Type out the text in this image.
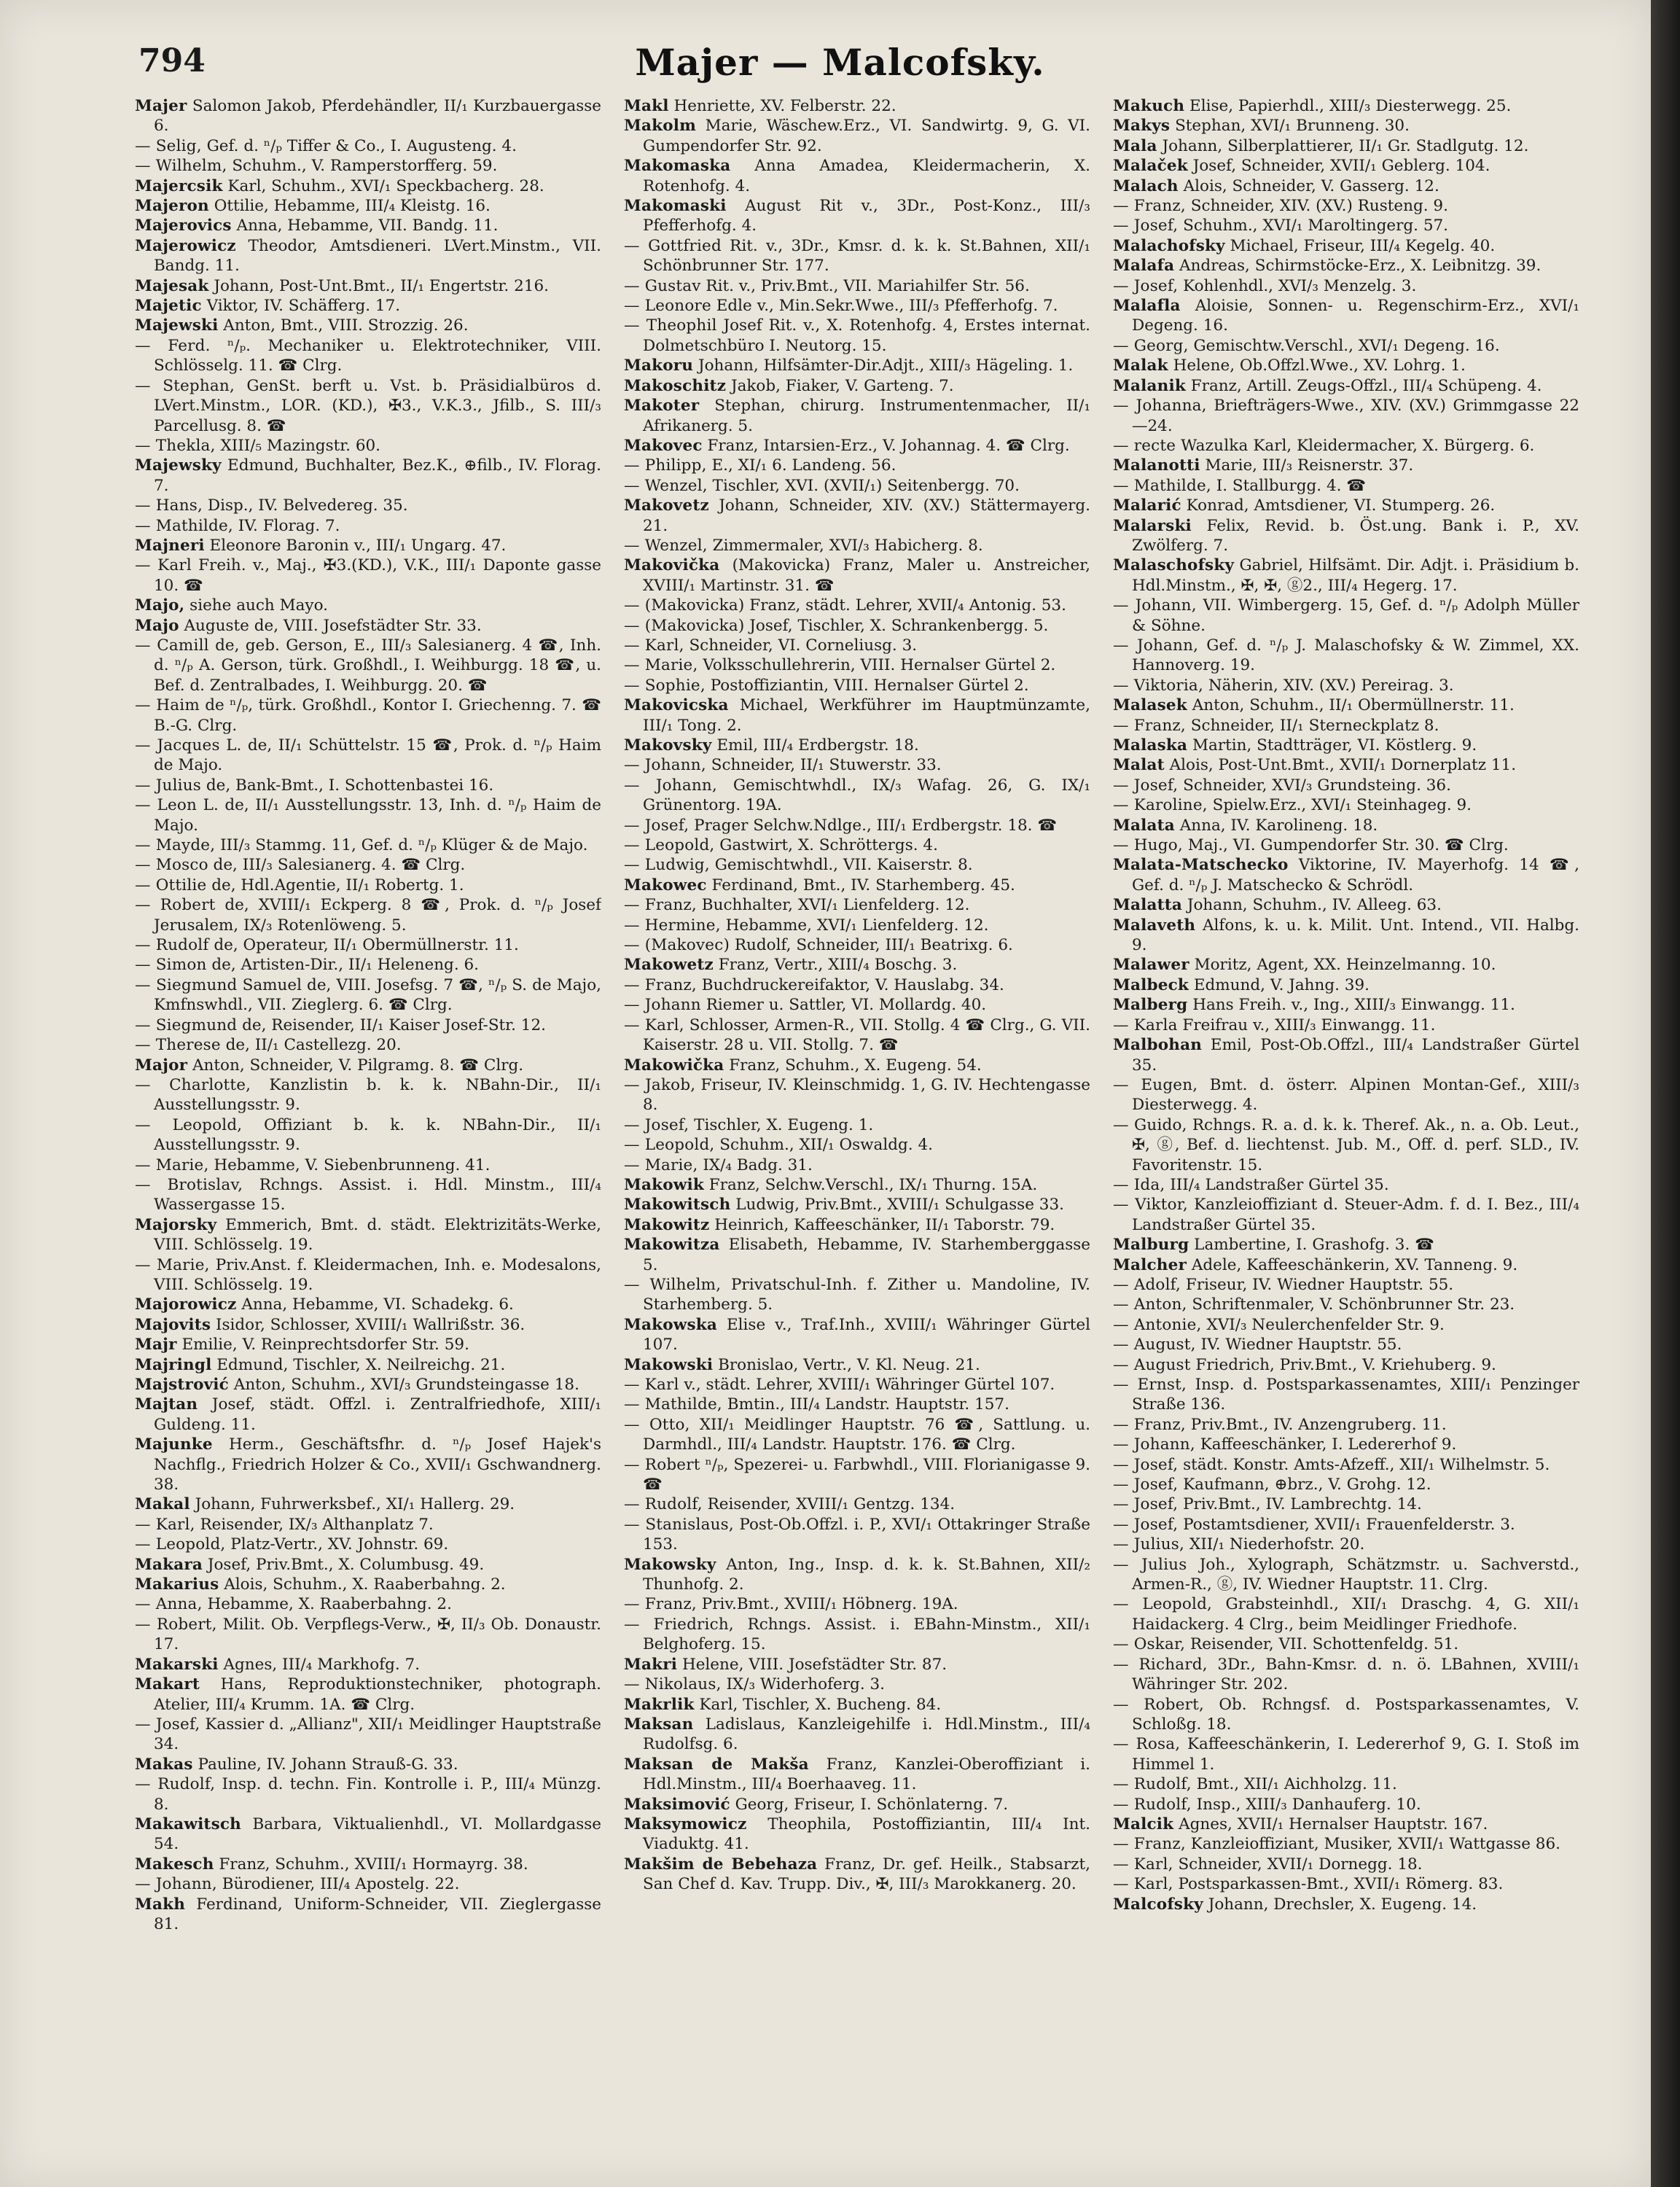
794	Majer — Malcofsky.
Majer Salomon Jakob, Pferdehändler, II/₁ Kurzbauergasse 6.
— Selig, Gef. d. ⁿ/ₚ Tiffer & Co., I. Augusteng. 4.
— Wilhelm, Schuhm., V. Ramperstorfferg. 59.
Majercsik Karl, Schuhm., XVI/₁ Speckbacherg. 28.
Majeron Ottilie, Hebamme, III/₄ Kleistg. 16.
Majerovics Anna, Hebamme, VII. Bandg. 11.
Majerowicz Theodor, Amtsdieneri. LVert.Minstm., VII. Bandg. 11.
Majesak Johann, Post-Unt.Bmt., II/₁ Engertstr. 216.
Majetic Viktor, IV. Schäfferg. 17.
Majewski Anton, Bmt., VIII. Strozzig. 26.
— Ferd. ⁿ/ₚ. Mechaniker u. Elektrotechniker, VIII. Schlösselg. 11. ☎ Clrg.
— Stephan, GenSt. berft u. Vst. b. Präsidialbüros d. LVert.Minstm., LOR. (KD.), ✠3., V.K.3., Jfilb., S. III/₃ Parcellusg. 8. ☎
— Thekla, XIII/₅ Mazingstr. 60.
Majewsky Edmund, Buchhalter, Bez.K., ⊕filb., IV. Florag. 7.
— Hans, Disp., IV. Belvedereg. 35.
— Mathilde, IV. Florag. 7.
Majneri Eleonore Baronin v., III/₁ Ungarg. 47.
— Karl Freih. v., Maj., ✠3.(KD.), V.K., III/₁ Daponte gasse 10. ☎
Majo, siehe auch Mayo.
Majo Auguste de, VIII. Josefstädter Str. 33.
— Camill de, geb. Gerson, E., III/₃ Salesianerg. 4 ☎, Inh. d. ⁿ/ₚ A. Gerson, türk. Großhdl., I. Weihburgg. 18 ☎, u. Bef. d. Zentralbades, I. Weihburgg. 20. ☎
— Haim de ⁿ/ₚ, türk. Großhdl., Kontor I. Griechenng. 7. ☎ B.-G. Clrg.
— Jacques L. de, II/₁ Schüttelstr. 15 ☎, Prok. d. ⁿ/ₚ Haim de Majo.
— Julius de, Bank-Bmt., I. Schottenbastei 16.
— Leon L. de, II/₁ Ausstellungsstr. 13, Inh. d. ⁿ/ₚ Haim de Majo.
— Mayde, III/₃ Stammg. 11, Gef. d. ⁿ/ₚ Klüger & de Majo.
— Mosco de, III/₃ Salesianerg. 4. ☎ Clrg.
— Ottilie de, Hdl.Agentie, II/₁ Robertg. 1.
— Robert de, XVIII/₁ Eckperg. 8 ☎, Prok. d. ⁿ/ₚ Josef Jerusalem, IX/₃ Rotenlöweng. 5.
— Rudolf de, Operateur, II/₁ Obermüllnerstr. 11.
— Simon de, Artisten-Dir., II/₁ Heleneng. 6.
— Siegmund Samuel de, VIII. Josefsg. 7 ☎, ⁿ/ₚ S. de Majo, Kmfnswhdl., VII. Zieglerg. 6. ☎ Clrg.
— Siegmund de, Reisender, II/₁ Kaiser Josef-Str. 12.
— Therese de, II/₁ Castellezg. 20.
Major Anton, Schneider, V. Pilgramg. 8. ☎ Clrg.
— Charlotte, Kanzlistin b. k. k. NBahn-Dir., II/₁ Ausstellungsstr. 9.
— Leopold, Offiziant b. k. k. NBahn-Dir., II/₁ Ausstellungsstr. 9.
— Marie, Hebamme, V. Siebenbrunneng. 41.
— Brotislav, Rchngs. Assist. i. Hdl. Minstm., III/₄ Wassergasse 15.
Majorsky Emmerich, Bmt. d. städt. Elektrizitäts-Werke, VIII. Schlösselg. 19.
— Marie, Priv.Anst. f. Kleidermachen, Inh. e. Modesalons, VIII. Schlösselg. 19.
Majorowicz Anna, Hebamme, VI. Schadekg. 6.
Majovits Isidor, Schlosser, XVIII/₁ Wallrißstr. 36.
Majr Emilie, V. Reinprechtsdorfer Str. 59.
Majringl Edmund, Tischler, X. Neilreichg. 21.
Majstrović Anton, Schuhm., XVI/₃ Grundsteingasse 18.
Majtan Josef, städt. Offzl. i. Zentralfriedhofe, XIII/₁ Guldeng. 11.
Majunke Herm., Geschäftsfhr. d. ⁿ/ₚ Josef Hajek's Nachflg., Friedrich Holzer & Co., XVII/₁ Gschwandnerg. 38.
Makal Johann, Fuhrwerksbef., XI/₁ Hallerg. 29.
— Karl, Reisender, IX/₃ Althanplatz 7.
— Leopold, Platz-Vertr., XV. Johnstr. 69.
Makara Josef, Priv.Bmt., X. Columbusg. 49.
Makarius Alois, Schuhm., X. Raaberbahng. 2.
— Anna, Hebamme, X. Raaberbahng. 2.
— Robert, Milit. Ob. Verpflegs-Verw., ✠, II/₃ Ob. Donaustr. 17.
Makarski Agnes, III/₄ Markhofg. 7.
Makart Hans, Reproduktionstechniker, photograph. Atelier, III/₄ Krumm. 1A. ☎ Clrg.
— Josef, Kassier d. „Allianz", XII/₁ Meidlinger Hauptstraße 34.
Makas Pauline, IV. Johann Strauß-G. 33.
— Rudolf, Insp. d. techn. Fin. Kontrolle i. P., III/₄ Münzg. 8.
Makawitsch Barbara, Viktualienhdl., VI. Mollardgasse 54.
Makesch Franz, Schuhm., XVIII/₁ Hormayrg. 38.
— Johann, Bürodiener, III/₄ Apostelg. 22.
Makh Ferdinand, Uniform-Schneider, VII. Zieglergasse 81.
Makl Henriette, XV. Felberstr. 22.
Makolm Marie, Wäschew.Erz., VI. Sandwirtg. 9, G. VI. Gumpendorfer Str. 92.
Makomaska Anna Amadea, Kleidermacherin, X. Rotenhofg. 4.
Makomaski August Rit v., 3Dr., Post-Konz., III/₃ Pfefferhofg. 4.
— Gottfried Rit. v., 3Dr., Kmsr. d. k. k. St.Bahnen, XII/₁ Schönbrunner Str. 177.
— Gustav Rit. v., Priv.Bmt., VII. Mariahilfer Str. 56.
— Leonore Edle v., Min.Sekr.Wwe., III/₃ Pfefferhofg. 7.
— Theophil Josef Rit. v., X. Rotenhofg. 4, Erstes internat. Dolmetschbüro I. Neutorg. 15.
Makoru Johann, Hilfsämter-Dir.Adjt., XIII/₃ Hägeling. 1.
Makoschitz Jakob, Fiaker, V. Garteng. 7.
Makoter Stephan, chirurg. Instrumentenmacher, II/₁ Afrikanerg. 5.
Makovec Franz, Intarsien-Erz., V. Johannag. 4. ☎ Clrg.
— Philipp, E., XI/₁ 6. Landeng. 56.
— Wenzel, Tischler, XVI. (XVII/₁) Seitenbergg. 70.
Makovetz Johann, Schneider, XIV. (XV.) Stättermayerg. 21.
— Wenzel, Zimmermaler, XVI/₃ Habicherg. 8.
Makovička (Makovicka) Franz, Maler u. Anstreicher, XVIII/₁ Martinstr. 31. ☎
— (Makovicka) Franz, städt. Lehrer, XVII/₄ Antonig. 53.
— (Makovicka) Josef, Tischler, X. Schrankenbergg. 5.
— Karl, Schneider, VI. Corneliusg. 3.
— Marie, Volksschullehrerin, VIII. Hernalser Gürtel 2.
— Sophie, Postoffiziantin, VIII. Hernalser Gürtel 2.
Makovicska Michael, Werkführer im Hauptmünzamte, III/₁ Tong. 2.
Makovsky Emil, III/₄ Erdbergstr. 18.
— Johann, Schneider, II/₁ Stuwerstr. 33.
— Johann, Gemischtwhdl., IX/₃ Wafag. 26, G. IX/₁ Grünentorg. 19A.
— Josef, Prager Selchw.Ndlge., III/₁ Erdbergstr. 18. ☎
— Leopold, Gastwirt, X. Schröttergs. 4.
— Ludwig, Gemischtwhdl., VII. Kaiserstr. 8.
Makowec Ferdinand, Bmt., IV. Starhemberg. 45.
— Franz, Buchhalter, XVI/₁ Lienfelderg. 12.
— Hermine, Hebamme, XVI/₁ Lienfelderg. 12.
— (Makovec) Rudolf, Schneider, III/₁ Beatrixg. 6.
Makowetz Franz, Vertr., XIII/₄ Boschg. 3.
— Franz, Buchdruckereifaktor, V. Hauslabg. 34.
— Johann Riemer u. Sattler, VI. Mollardg. 40.
— Karl, Schlosser, Armen-R., VII. Stollg. 4 ☎ Clrg., G. VII. Kaiserstr. 28 u. VII. Stollg. 7. ☎
Makowička Franz, Schuhm., X. Eugeng. 54.
— Jakob, Friseur, IV. Kleinschmidg. 1, G. IV. Hechtengasse 8.
— Josef, Tischler, X. Eugeng. 1.
— Leopold, Schuhm., XII/₁ Oswaldg. 4.
— Marie, IX/₄ Badg. 31.
Makowik Franz, Selchw.Verschl., IX/₁ Thurng. 15A.
Makowitsch Ludwig, Priv.Bmt., XVIII/₁ Schulgasse 33.
Makowitz Heinrich, Kaffeeschänker, II/₁ Taborstr. 79.
Makowitza Elisabeth, Hebamme, IV. Starhemberggasse 5.
— Wilhelm, Privatschul-Inh. f. Zither u. Mandoline, IV. Starhemberg. 5.
Makowska Elise v., Traf.Inh., XVIII/₁ Währinger Gürtel 107.
Makowski Bronislao, Vertr., V. Kl. Neug. 21.
— Karl v., städt. Lehrer, XVIII/₁ Währinger Gürtel 107.
— Mathilde, Bmtin., III/₄ Landstr. Hauptstr. 157.
— Otto, XII/₁ Meidlinger Hauptstr. 76 ☎, Sattlung. u. Darmhdl., III/₄ Landstr. Hauptstr. 176. ☎ Clrg.
— Robert ⁿ/ₚ, Spezerei- u. Farbwhdl., VIII. Florianigasse 9. ☎
— Rudolf, Reisender, XVIII/₁ Gentzg. 134.
— Stanislaus, Post-Ob.Offzl. i. P., XVI/₁ Ottakringer Straße 153.
Makowsky Anton, Ing., Insp. d. k. k. St.Bahnen, XII/₂ Thunhofg. 2.
— Franz, Priv.Bmt., XVIII/₁ Höbnerg. 19A.
— Friedrich, Rchngs. Assist. i. EBahn-Minstm., XII/₁ Belghoferg. 15.
Makri Helene, VIII. Josefstädter Str. 87.
— Nikolaus, IX/₃ Widerhoferg. 3.
Makrlik Karl, Tischler, X. Bucheng. 84.
Maksan Ladislaus, Kanzleigehilfe i. Hdl.Minstm., III/₄ Rudolfsg. 6.
Maksan de Makša Franz, Kanzlei-Oberoffiziant i. Hdl.Minstm., III/₄ Boerhaaveg. 11.
Maksimović Georg, Friseur, I. Schönlaterng. 7.
Maksymowicz Theophila, Postoffiziantin, III/₄ Int. Viaduktg. 41.
Makšim de Bebehaza Franz, Dr. gef. Heilk., Stabsarzt, San Chef d. Kav. Trupp. Div., ✠, III/₃ Marokkanerg. 20.
Makuch Elise, Papierhdl., XIII/₃ Diesterwegg. 25.
Makys Stephan, XVI/₁ Brunneng. 30.
Mala Johann, Silberplattierer, II/₁ Gr. Stadlgutg. 12.
Malaček Josef, Schneider, XVII/₁ Geblerg. 104.
Malach Alois, Schneider, V. Gasserg. 12.
— Franz, Schneider, XIV. (XV.) Rusteng. 9.
— Josef, Schuhm., XVI/₁ Maroltingerg. 57.
Malachofsky Michael, Friseur, III/₄ Kegelg. 40.
Malafa Andreas, Schirmstöcke-Erz., X. Leibnitzg. 39.
— Josef, Kohlenhdl., XVI/₃ Menzelg. 3.
Malafla Aloisie, Sonnen- u. Regenschirm-Erz., XVI/₁ Degeng. 16.
— Georg, Gemischtw.Verschl., XVI/₁ Degeng. 16.
Malak Helene, Ob.Offzl.Wwe., XV. Lohrg. 1.
Malanik Franz, Artill. Zeugs-Offzl., III/₄ Schüpeng. 4.
— Johanna, Briefträgers-Wwe., XIV. (XV.) Grimmgasse 22—24.
— recte Wazulka Karl, Kleidermacher, X. Bürgerg. 6.
Malanotti Marie, III/₃ Reisnerstr. 37.
— Mathilde, I. Stallburgg. 4. ☎
Malarić Konrad, Amtsdiener, VI. Stumperg. 26.
Malarski Felix, Revid. b. Öst.ung. Bank i. P., XV. Zwölferg. 7.
Malaschofsky Gabriel, Hilfsämt. Dir. Adjt. i. Präsidium b. Hdl.Minstm., ✠, ✠, ⓖ2., III/₄ Hegerg. 17.
— Johann, VII. Wimbergerg. 15, Gef. d. ⁿ/ₚ Adolph Müller & Söhne.
— Johann, Gef. d. ⁿ/ₚ J. Malaschofsky & W. Zimmel, XX. Hannoverg. 19.
— Viktoria, Näherin, XIV. (XV.) Pereirag. 3.
Malasek Anton, Schuhm., II/₁ Obermüllnerstr. 11.
— Franz, Schneider, II/₁ Sterneckplatz 8.
Malaska Martin, Stadtträger, VI. Köstlerg. 9.
Malat Alois, Post-Unt.Bmt., XVII/₁ Dornerplatz 11.
— Josef, Schneider, XVI/₃ Grundsteing. 36.
— Karoline, Spielw.Erz., XVI/₁ Steinhageg. 9.
Malata Anna, IV. Karolineng. 18.
— Hugo, Maj., VI. Gumpendorfer Str. 30. ☎ Clrg.
Malata-Matschecko Viktorine, IV. Mayerhofg. 14 ☎, Gef. d. ⁿ/ₚ J. Matschecko & Schrödl.
Malatta Johann, Schuhm., IV. Alleeg. 63.
Malaveth Alfons, k. u. k. Milit. Unt. Intend., VII. Halbg. 9.
Malawer Moritz, Agent, XX. Heinzelmanng. 10.
Malbeck Edmund, V. Jahng. 39.
Malberg Hans Freih. v., Ing., XIII/₃ Einwangg. 11.
— Karla Freifrau v., XIII/₃ Einwangg. 11.
Malbohan Emil, Post-Ob.Offzl., III/₄ Landstraßer Gürtel 35.
— Eugen, Bmt. d. österr. Alpinen Montan-Gef., XIII/₃ Diesterwegg. 4.
— Guido, Rchngs. R. a. d. k. k. Theref. Ak., n. a. Ob. Leut., ✠, ⓖ, Bef. d. liechtenst. Jub. M., Off. d. perf. SLD., IV. Favoritenstr. 15.
— Ida, III/₄ Landstraßer Gürtel 35.
— Viktor, Kanzleioffiziant d. Steuer-Adm. f. d. I. Bez., III/₄ Landstraßer Gürtel 35.
Malburg Lambertine, I. Grashofg. 3. ☎
Malcher Adele, Kaffeeschänkerin, XV. Tanneng. 9.
— Adolf, Friseur, IV. Wiedner Hauptstr. 55.
— Anton, Schriftenmaler, V. Schönbrunner Str. 23.
— Antonie, XVI/₃ Neulerchenfelder Str. 9.
— August, IV. Wiedner Hauptstr. 55.
— August Friedrich, Priv.Bmt., V. Kriehuberg. 9.
— Ernst, Insp. d. Postsparkassenamtes, XIII/₁ Penzinger Straße 136.
— Franz, Priv.Bmt., IV. Anzengruberg. 11.
— Johann, Kaffeeschänker, I. Ledererhof 9.
— Josef, städt. Konstr. Amts-Afzeff., XII/₁ Wilhelmstr. 5.
— Josef, Kaufmann, ⊕brz., V. Grohg. 12.
— Josef, Priv.Bmt., IV. Lambrechtg. 14.
— Josef, Postamtsdiener, XVII/₁ Frauenfelderstr. 3.
— Julius, XII/₁ Niederhofstr. 20.
— Julius Joh., Xylograph, Schätzmstr. u. Sachverstd., Armen-R., ⓖ, IV. Wiedner Hauptstr. 11. Clrg.
— Leopold, Grabsteinhdl., XII/₁ Draschg. 4, G. XII/₁ Haidackerg. 4 Clrg., beim Meidlinger Friedhofe.
— Oskar, Reisender, VII. Schottenfeldg. 51.
— Richard, 3Dr., Bahn-Kmsr. d. n. ö. LBahnen, XVIII/₁ Währinger Str. 202.
— Robert, Ob. Rchngsf. d. Postsparkassenamtes, V. Schloßg. 18.
— Rosa, Kaffeeschänkerin, I. Ledererhof 9, G. I. Stoß im Himmel 1.
— Rudolf, Bmt., XII/₁ Aichholzg. 11.
— Rudolf, Insp., XIII/₃ Danhauferg. 10.
Malcik Agnes, XVII/₁ Hernalser Hauptstr. 167.
— Franz, Kanzleioffiziant, Musiker, XVII/₁ Wattgasse 86.
— Karl, Schneider, XVII/₁ Dornegg. 18.
— Karl, Postsparkassen-Bmt., XVII/₁ Römerg. 83.
Malcofsky Johann, Drechsler, X. Eugeng. 14.
